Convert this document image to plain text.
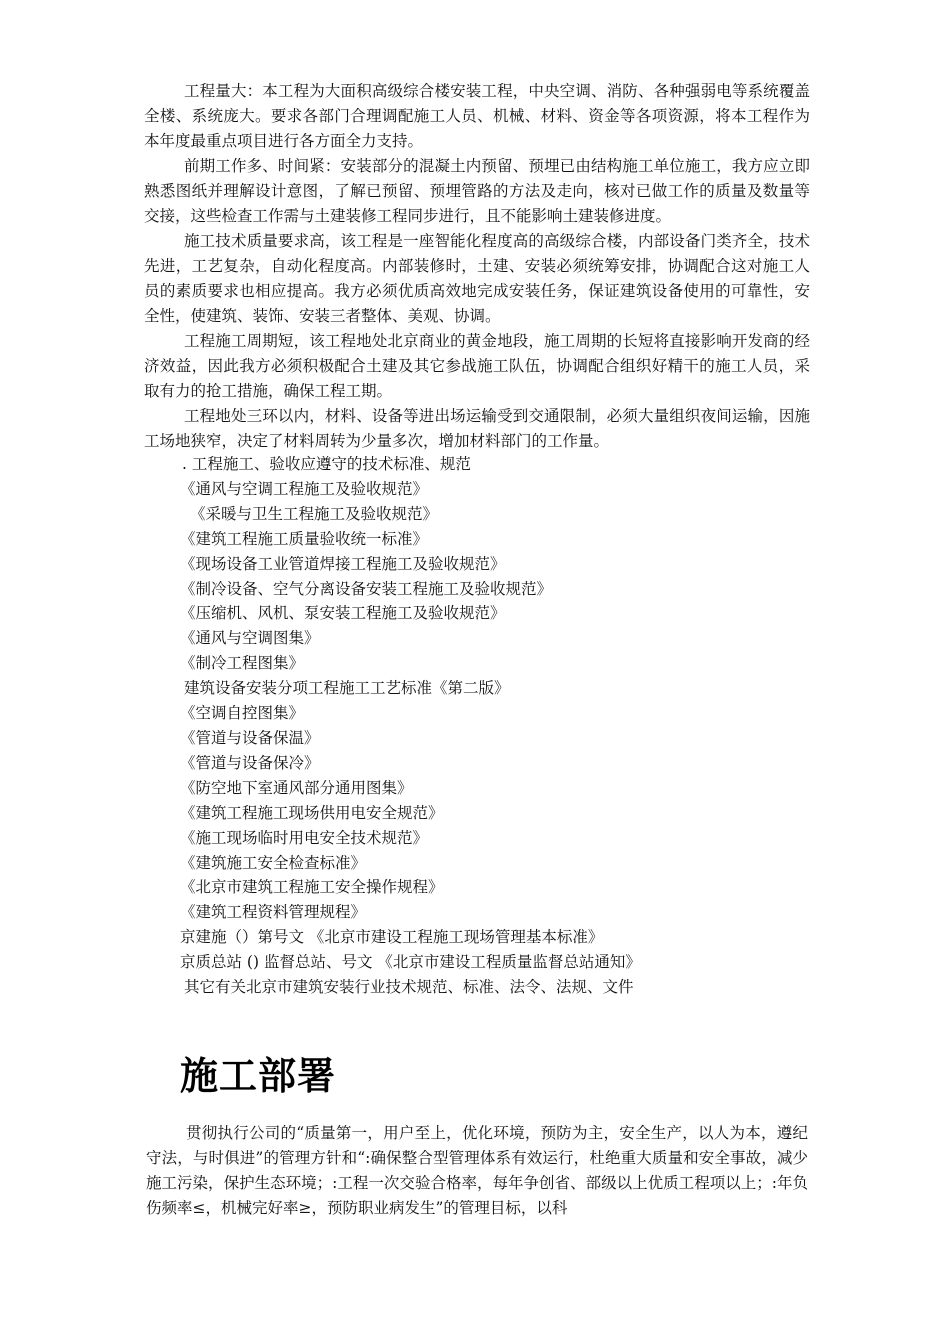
工程量大：本工程为大面积高级综合楼安装工程，中央空调、消防、各种强弱电等系统覆盖全楼、系统庞大。要求各部门合理调配施工人员、机械、材料、资金等各项资源，将本工程作为本年度最重点项目进行各方面全力支持。

前期工作多、时间紧：安装部分的混凝土内预留、预埋已由结构施工单位施工，我方应立即熟悉图纸并理解设计意图，了解已预留、预埋管路的方法及走向，核对已做工作的质量及数量等交接，这些检查工作需与土建装修工程同步进行，且不能影响土建装修进度。

施工技术质量要求高，该工程是一座智能化程度高的高级综合楼，内部设备门类齐全，技术先进，工艺复杂，自动化程度高。内部装修时，土建、安装必须统筹安排，协调配合这对施工人员的素质要求也相应提高。我方必须优质高效地完成安装任务，保证建筑设备使用的可靠性，安全性，使建筑、装饰、安装三者整体、美观、协调。

工程施工周期短，该工程地处北京商业的黄金地段，施工周期的长短将直接影响开发商的经济效益，因此我方必须积极配合土建及其它参战施工队伍，协调配合组织好精干的施工人员，采取有力的抢工措施，确保工程工期。

工程地处三环以内，材料、设备等进出场运输受到交通限制，必须大量组织夜间运输，因施工场地狭窄，决定了材料周转为少量多次，增加材料部门的工作量。

. 工程施工、验收应遵守的技术标准、规范
《通风与空调工程施工及验收规范》
《采暖与卫生工程施工及验收规范》
《建筑工程施工质量验收统一标准》
《现场设备工业管道焊接工程施工及验收规范》
《制冷设备、空气分离设备安装工程施工及验收规范》
《压缩机、风机、泵安装工程施工及验收规范》
《通风与空调图集》
《制冷工程图集》
建筑设备安装分项工程施工工艺标准《第二版》
《空调自控图集》
《管道与设备保温》
《管道与设备保冷》
《防空地下室通风部分通用图集》
《建筑工程施工现场供用电安全规范》
《施工现场临时用电安全技术规范》
《建筑施工安全检查标准》
《北京市建筑工程施工安全操作规程》
《建筑工程资料管理规程》
京建施（）第号文 《北京市建设工程施工现场管理基本标准》
京质总站 () 监督总站、号文 《北京市建设工程质量监督总站通知》
其它有关北京市建筑安装行业技术规范、标准、法令、法规、文件
施工部署

贯彻执行公司的“质量第一，用户至上，优化环境，预防为主，安全生产，以人为本，遵纪守法，与时俱进”的管理方针和“:确保整合型管理体系有效运行，杜绝重大质量和安全事故，减少施工污染，保护生态环境；:工程一次交验合格率，每年争创省、部级以上优质工程项以上；:年负伤频率≤，机械完好率≥，预防职业病发生”的管理目标，以科
